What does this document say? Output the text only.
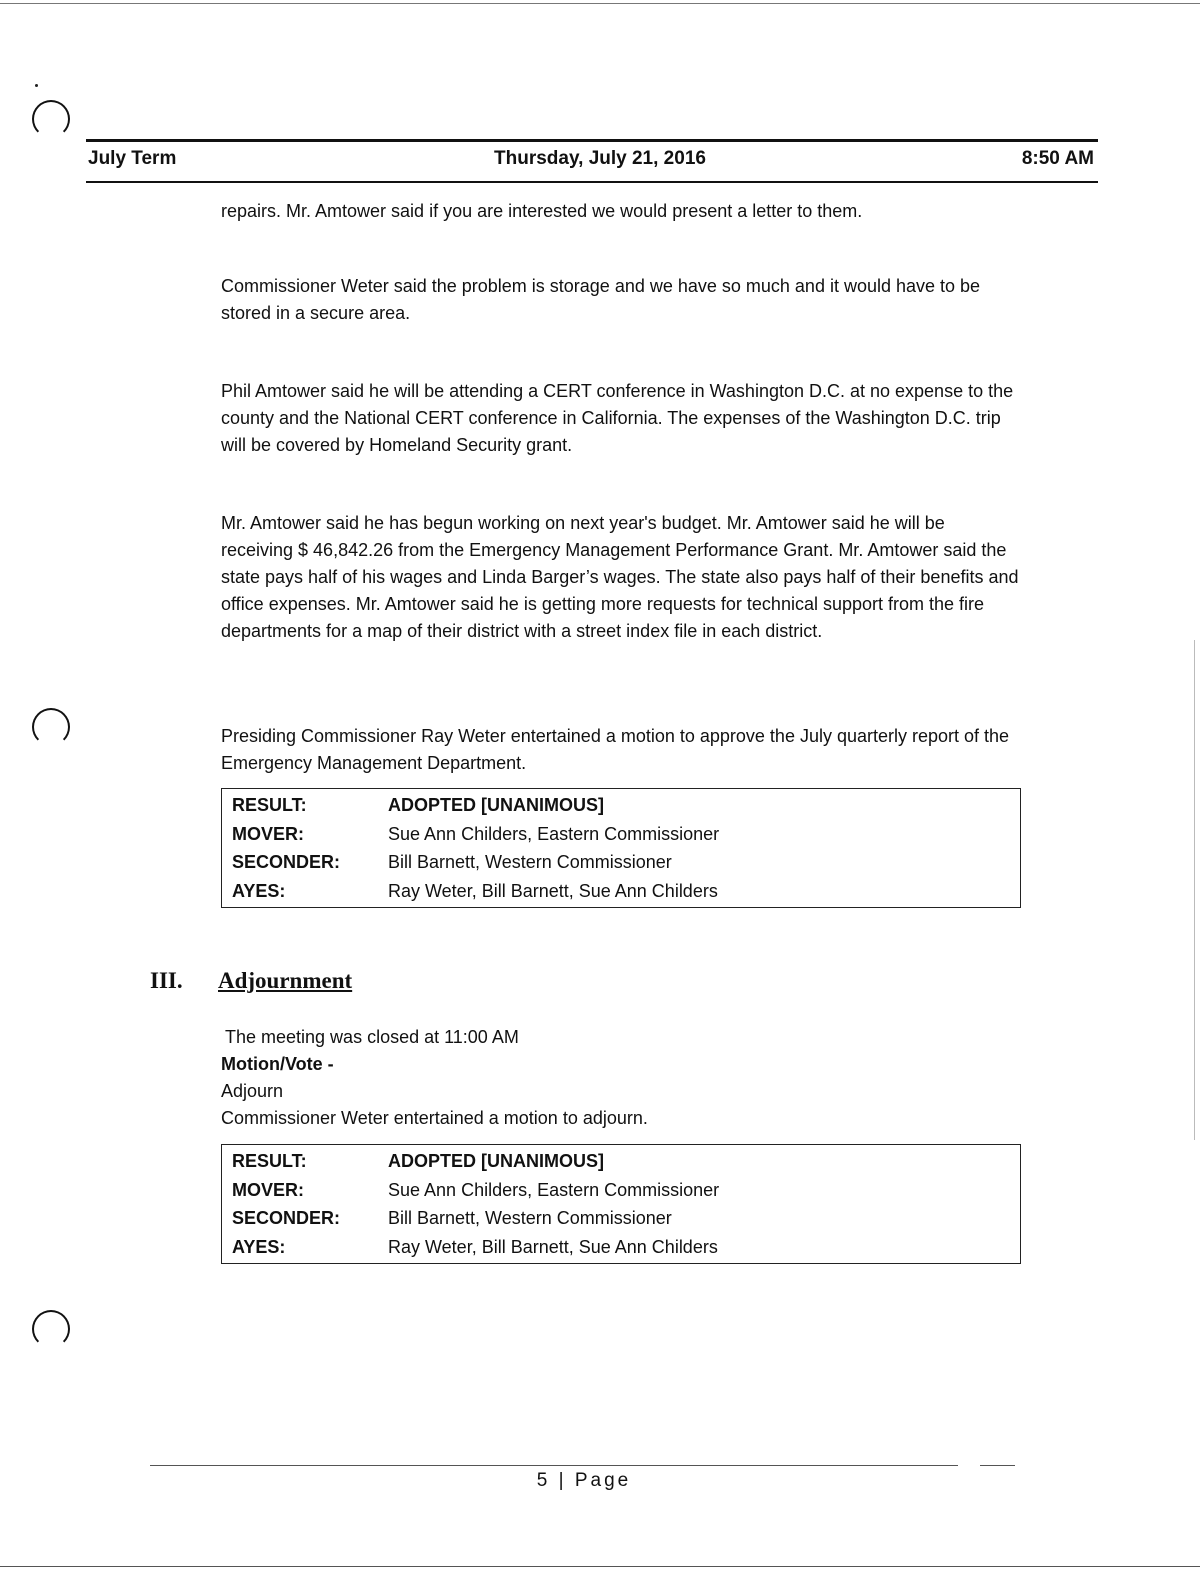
July Term	Thursday, July 21, 2016	8:50 AM

repairs. Mr. Amtower said if you are interested we would present a letter to them.

Commissioner Weter said the problem is storage and we have so much and it would have to be stored in a secure area.

Phil Amtower said he will be attending a CERT conference in Washington D.C. at no expense to the county and the National CERT conference in California. The expenses of the Washington D.C. trip will be covered by Homeland Security grant.

Mr. Amtower said he has begun working on next year's budget. Mr. Amtower said he will be receiving $ 46,842.26 from the Emergency Management Performance Grant. Mr. Amtower said the state pays half of his wages and Linda Barger’s wages. The state also pays half of their benefits and office expenses. Mr. Amtower said he is getting more requests for technical support from the fire departments for a map of their district with a street index file in each district.

Presiding Commissioner Ray Weter entertained a motion to approve the July quarterly report of the Emergency Management Department.

RESULT:	ADOPTED [UNANIMOUS]
MOVER:	Sue Ann Childers, Eastern Commissioner
SECONDER:	Bill Barnett, Western Commissioner
AYES:	Ray Weter, Bill Barnett, Sue Ann Childers
III. Adjournment

The meeting was closed at 11:00 AM

Motion/Vote -

Adjourn

Commissioner Weter entertained a motion to adjourn.

RESULT:	ADOPTED [UNANIMOUS]
MOVER:	Sue Ann Childers, Eastern Commissioner
SECONDER:	Bill Barnett, Western Commissioner
AYES:	Ray Weter, Bill Barnett, Sue Ann Childers
5 | Page
